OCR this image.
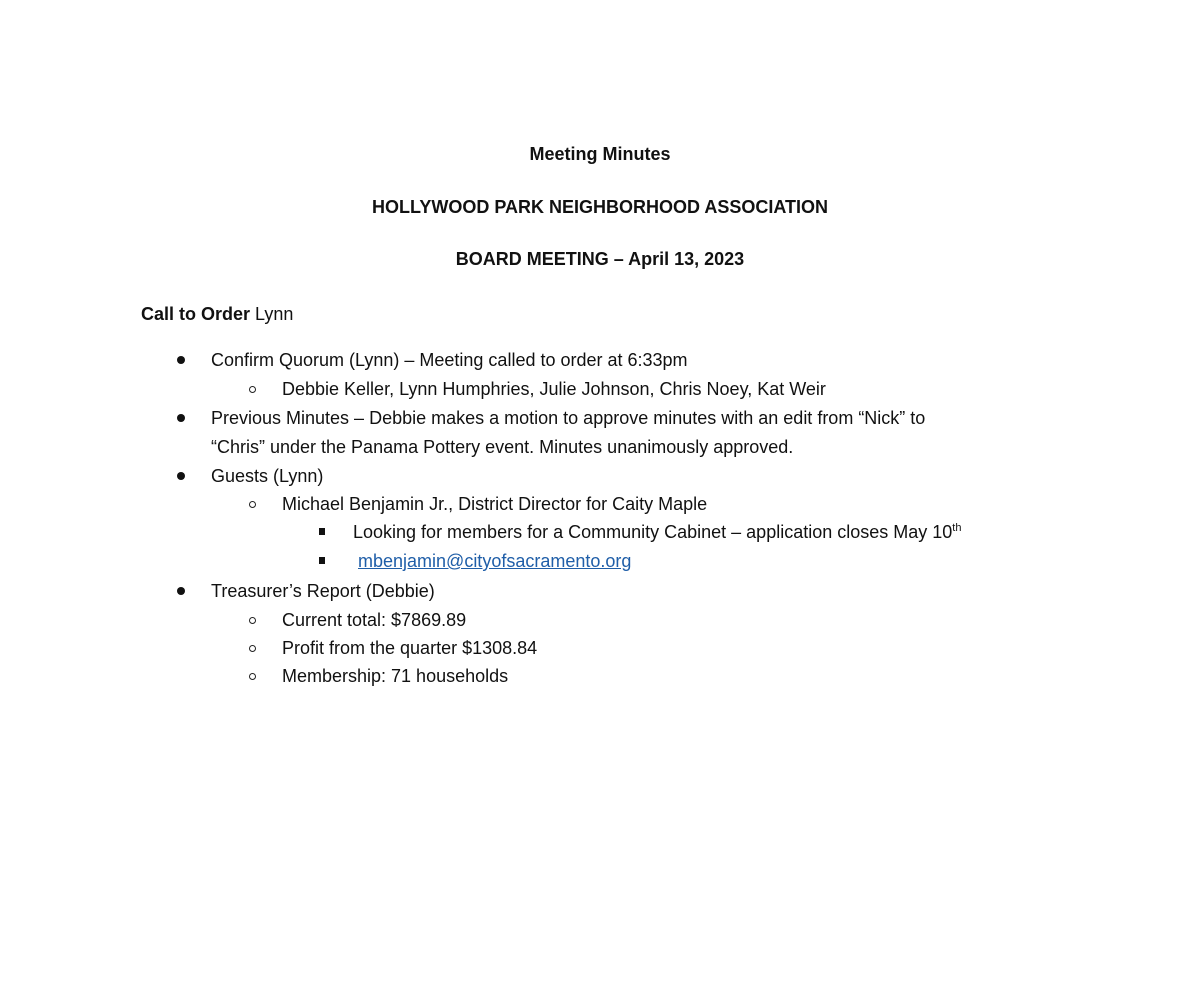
Meeting Minutes

HOLLYWOOD PARK NEIGHBORHOOD ASSOCIATION

BOARD MEETING – April 13, 2023

Call to Order Lynn

Confirm Quorum (Lynn) – Meeting called to order at 6:33pm
Debbie Keller, Lynn Humphries, Julie Johnson, Chris Noey, Kat Weir
Previous Minutes – Debbie makes a motion to approve minutes with an edit from “Nick” to
“Chris” under the Panama Pottery event. Minutes unanimously approved.
Guests (Lynn)
Michael Benjamin Jr., District Director for Caity Maple
Looking for members for a Community Cabinet – application closes May 10th
mbenjamin@cityofsacramento.org
Treasurer’s Report (Debbie)
Current total: $7869.89
Profit from the quarter $1308.84
Membership: 71 households
